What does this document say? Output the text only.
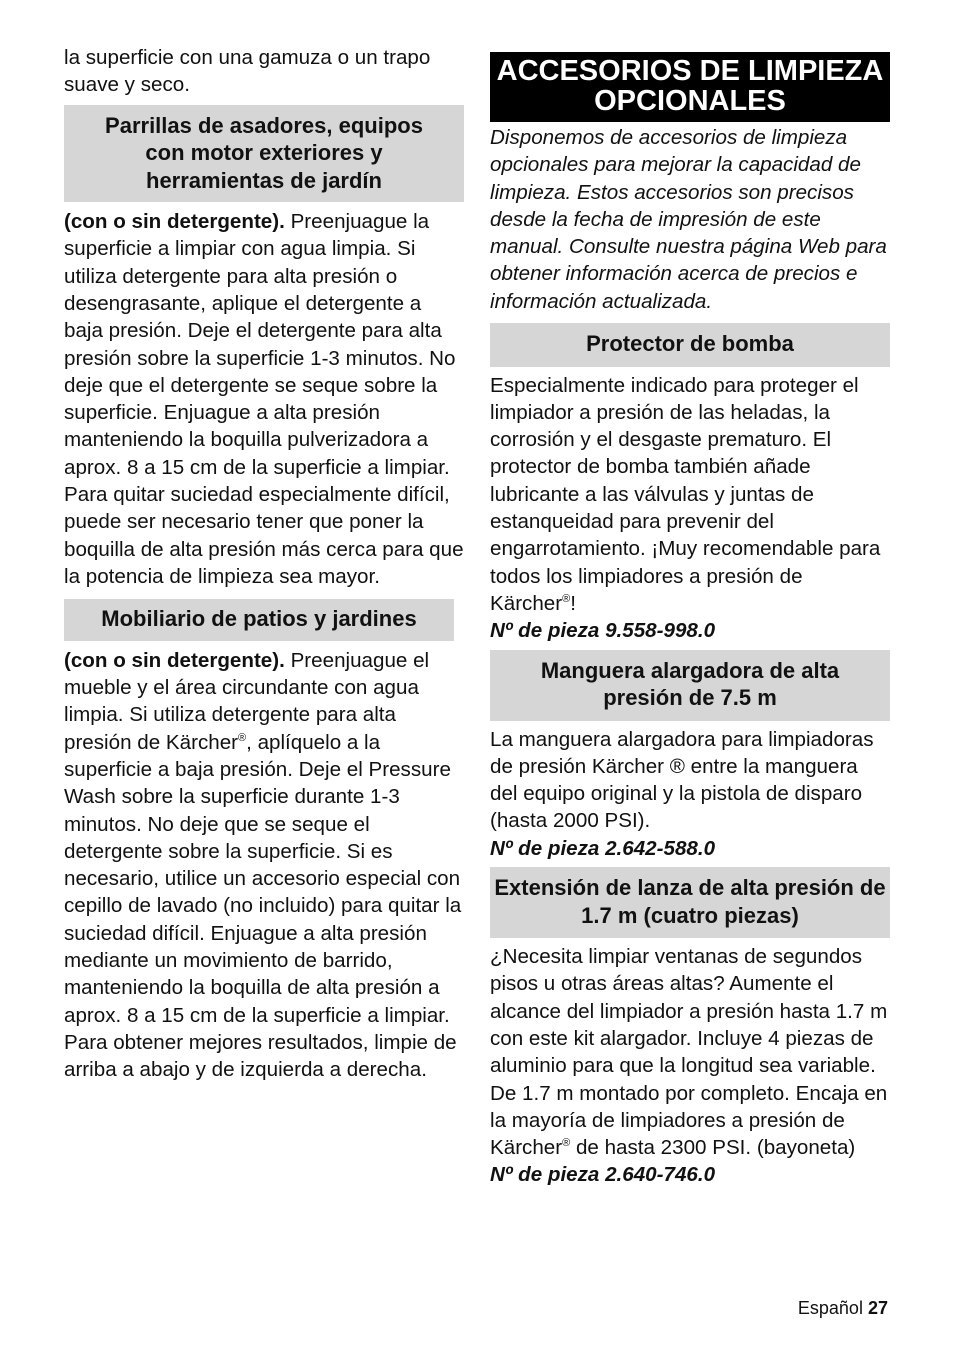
la superficie con una gamuza o un trapo suave y seco.

Parrillas de asadores, equipos con motor exteriores y herramientas de jardín

(con o sin detergente). Preenjuague la superficie a limpiar con agua limpia. Si utiliza detergente para alta presión o desengrasante, aplique el detergente a baja presión. Deje el detergente para alta presión sobre la superficie 1-3 minutos. No deje que el detergente se seque sobre la superficie. Enjuague a alta presión manteniendo la boquilla pulverizadora a aprox. 8 a 15 cm de la superficie a limpiar. Para quitar suciedad especialmente difícil, puede ser necesario tener que poner la boquilla de alta presión más cerca para que la potencia de limpieza sea mayor.

Mobiliario de patios y jardines

(con o sin detergente). Preenjuague el mueble y el área circundante con agua limpia. Si utiliza detergente para alta presión de Kärcher®, aplíquelo a la superficie a baja presión. Deje el Pressure Wash sobre la superficie durante 1-3 minutos. No deje que se seque el detergente sobre la superficie. Si es necesario, utilice un accesorio especial con cepillo de lavado (no incluido) para quitar la suciedad difícil. Enjuague a alta presión mediante un movimiento de barrido, manteniendo la boquilla de alta presión a aprox. 8 a 15 cm de la superficie a limpiar. Para obtener mejores resultados, limpie de arriba a abajo y de izquierda a derecha.

ACCESORIOS DE LIMPIEZA OPCIONALES

Disponemos de accesorios de limpieza opcionales para mejorar la capacidad de limpieza. Estos accesorios son precisos desde la fecha de impresión de este manual. Consulte nuestra página Web para obtener información acerca de precios e información actualizada.

Protector de bomba

Especialmente indicado para proteger el limpiador a presión de las heladas, la corrosión y el desgaste prematuro. El protector de bomba también añade lubricante a las válvulas y juntas de estanqueidad para prevenir del engarrotamiento. ¡Muy recomendable para todos los limpiadores a presión de Kärcher®!

Nº de pieza 9.558-998.0

Manguera alargadora de alta presión de 7.5 m

La manguera alargadora para limpiadoras de presión Kärcher ® entre la manguera del equipo original y la pistola de disparo (hasta 2000 PSI).

Nº de pieza 2.642-588.0

Extensión de lanza de alta presión de 1.7 m (cuatro piezas)

¿Necesita limpiar ventanas de segundos pisos u otras áreas altas? Aumente el alcance del limpiador a presión hasta 1.7 m con este kit alargador. Incluye 4 piezas de aluminio para que la longitud sea variable. De 1.7 m montado por completo. Encaja en la mayoría de limpiadores a presión de Kärcher® de hasta 2300 PSI. (bayoneta)

Nº de pieza 2.640-746.0

Español 27
